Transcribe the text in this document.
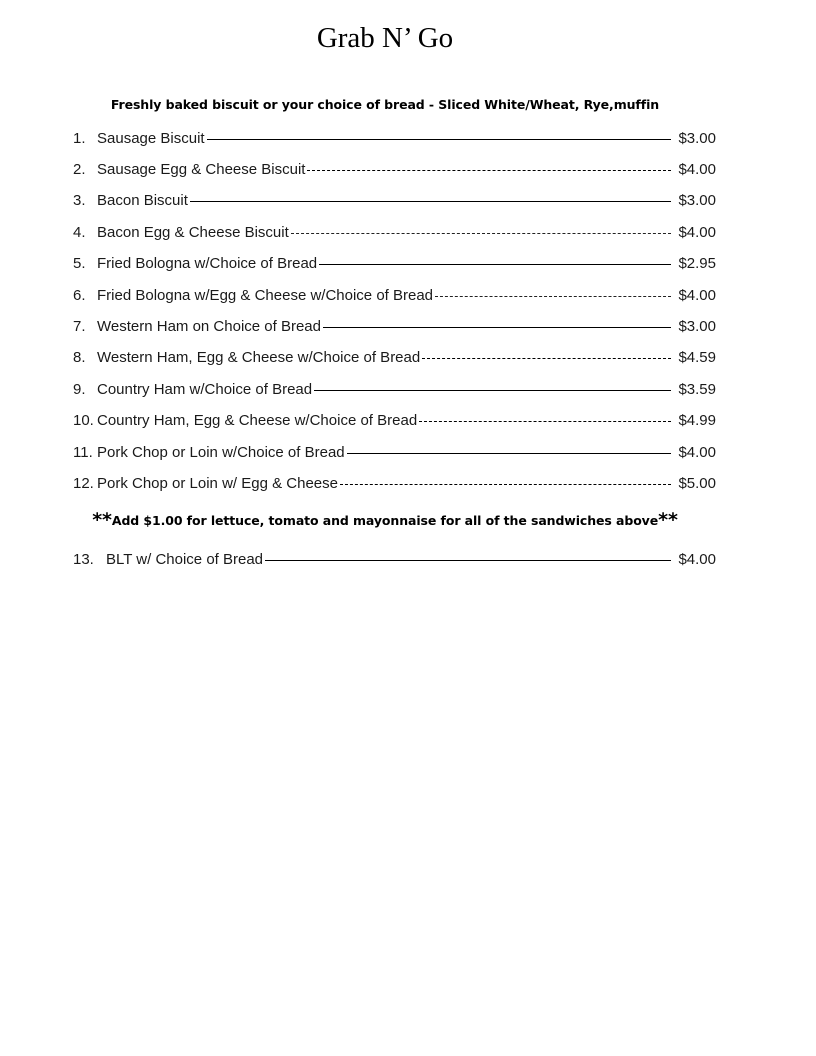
Grab N’ Go
Freshly baked biscuit or your choice of bread - Sliced White/Wheat, Rye,muffin
1. Sausage Biscuit	$3.00
2. Sausage Egg & Cheese Biscuit	$4.00
3. Bacon Biscuit	$3.00
4. Bacon Egg & Cheese Biscuit	$4.00
5. Fried Bologna w/Choice of Bread	$2.95
6. Fried Bologna w/Egg & Cheese w/Choice of Bread	$4.00
7. Western Ham on Choice of Bread	$3.00
8. Western Ham, Egg & Cheese w/Choice of Bread	$4.59
9. Country Ham w/Choice of Bread	$3.59
10. Country Ham, Egg & Cheese w/Choice of Bread	$4.99
11. Pork Chop or Loin w/Choice of Bread	$4.00
12. Pork Chop or Loin w/ Egg & Cheese	$5.00
**Add $1.00 for lettuce, tomato and mayonnaise for all of the sandwiches above**
13. BLT w/ Choice of Bread	$4.00
